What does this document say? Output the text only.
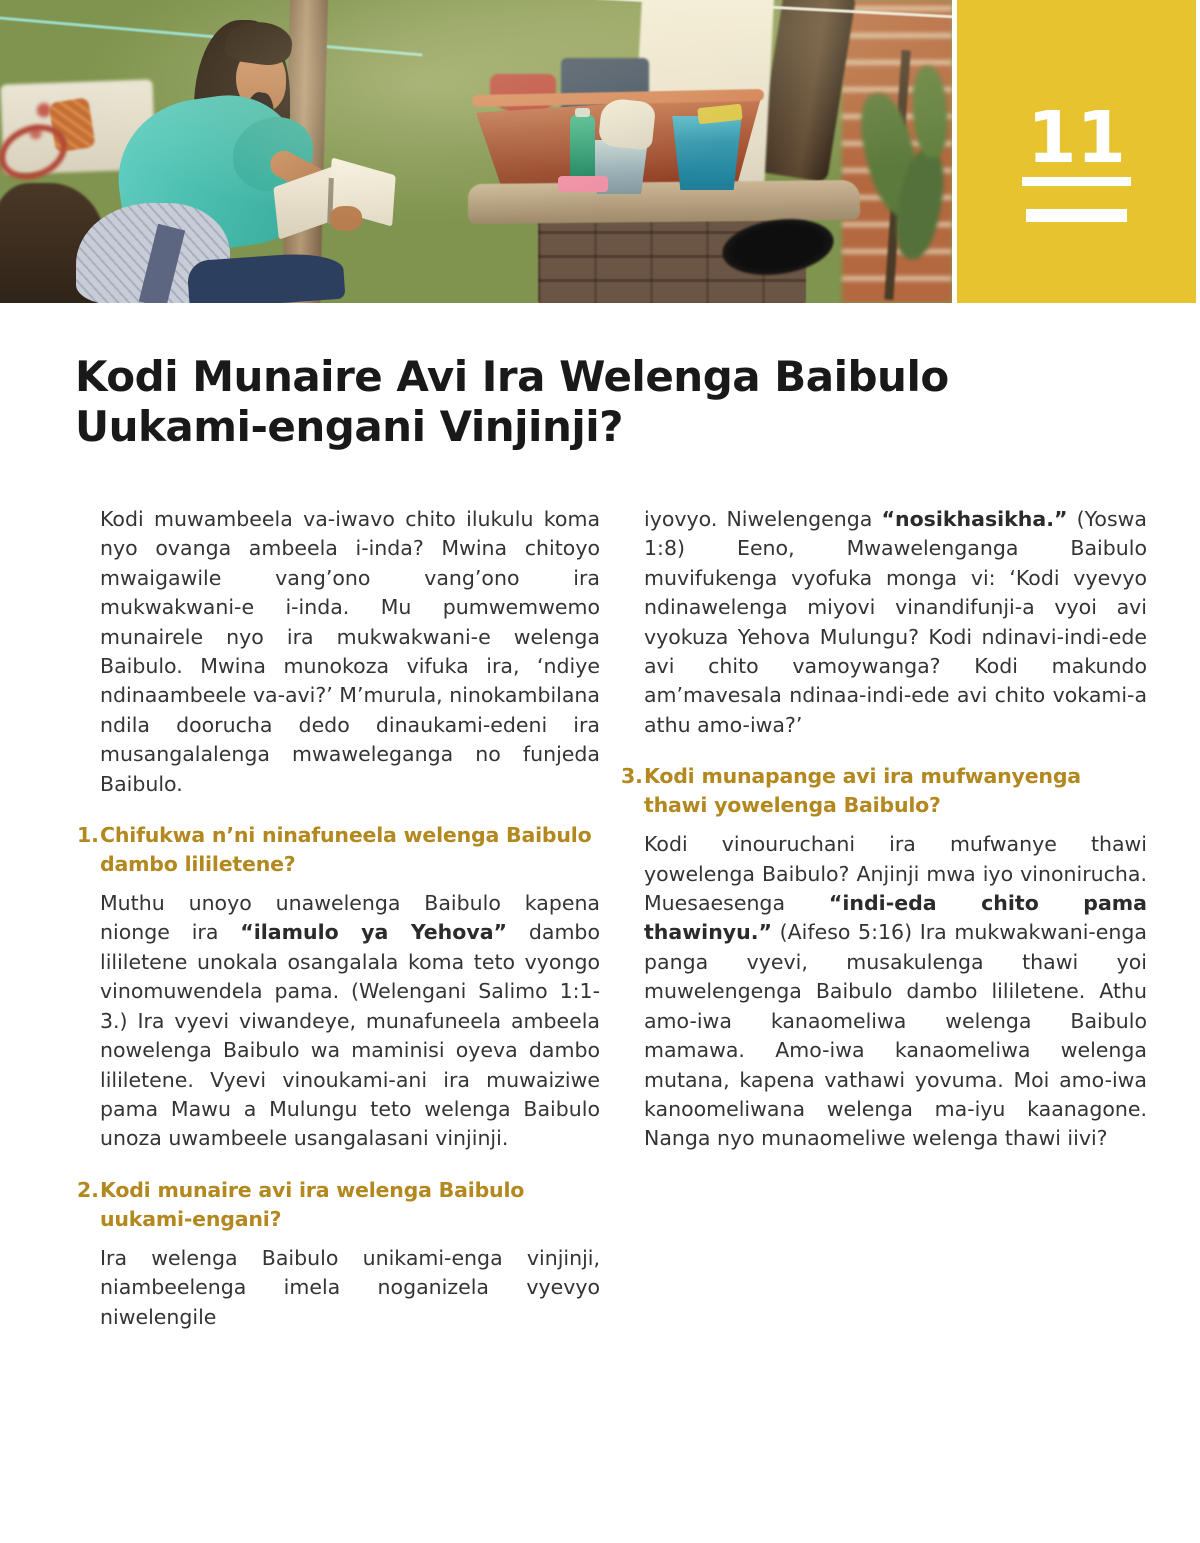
11
Kodi Munaire Avi Ira Welenga Baibulo Uukami-engani Vinjinji?

Kodi muwambeela va-iwavo chito ilukulu koma nyo ovanga ambeela i-inda? Mwina chitoyo mwaigawile vang’ono vang’ono ira mukwakwani-e i-inda. Mu pumwemwemo munairele nyo ira mukwakwani-e welenga Baibulo. Mwina munokoza vifuka ira, ‘ndiye ndinaambeele va-avi?’ M’murula, ninokambilana ndila doorucha dedo dinaukami-edeni ira musangalalenga mwaweleganga no funjeda Baibulo.

1. Chifukwa n’ni ninafuneela welenga Baibulo dambo lililetene?

Muthu unoyo unawelenga Baibulo kapena nionge ira “ilamulo ya Yehova” dambo lililetene unokala osangalala koma teto vyongo vinomuwendela pama. (Welengani Salimo 1:1-3.) Ira vyevi viwandeye, munafuneela ambeela nowelenga Baibulo wa maminisi oyeva dambo lililetene. Vyevi vinoukami-ani ira muwaiziwe pama Mawu a Mulungu teto welenga Baibulo unoza uwambeele usangalasani vinjinji.

2. Kodi munaire avi ira welenga Baibulo uukami-engani?

Ira welenga Baibulo unikami-enga vinjinji, niambeelenga imela noganizela vyevyo niwelengile

iyovyo. Niwelengenga “nosikhasikha.” (Yoswa 1:8) Eeno, Mwawelenganga Baibulo muvifukenga vyofuka monga vi: ‘Kodi vyevyo ndinawelenga miyovi vinandifunji-a vyoi avi vyokuza Yehova Mulungu? Kodi ndinavi-indi-ede avi chito vamoywanga? Kodi makundo am’mavesala ndinaa-indi-ede avi chito vokami-a athu amo-iwa?’

3. Kodi munapange avi ira mufwanyenga thawi yowelenga Baibulo?

Kodi vinouruchani ira mufwanye thawi yowelenga Baibulo? Anjinji mwa iyo vinonirucha. Muesaesenga “indi-eda chito pama thawinyu.” (Aifeso 5:16) Ira mukwakwani-enga panga vyevi, musakulenga thawi yoi muwelengenga Baibulo dambo lililetene. Athu amo-iwa kanaomeliwa welenga Baibulo mamawa. Amo-iwa kanaomeliwa welenga mutana, kapena vathawi yovuma. Moi amo-iwa kanoomeliwana welenga ma-iyu kaanagone. Nanga nyo munaomeliwe welenga thawi iivi?
